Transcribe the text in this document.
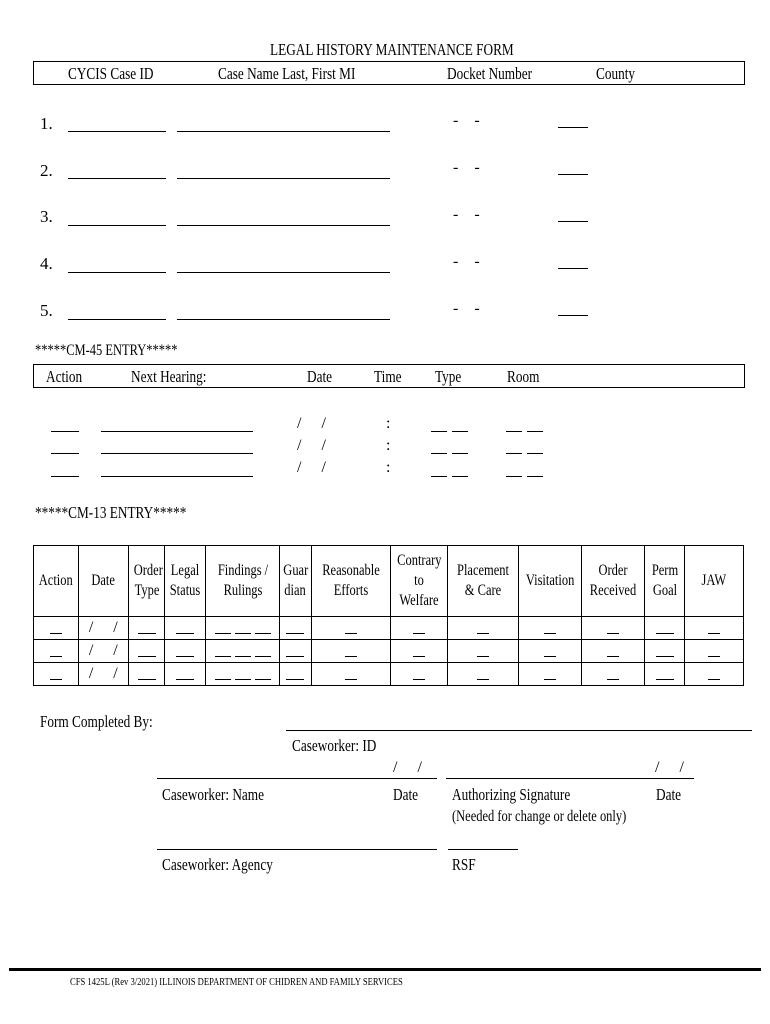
LEGAL HISTORY MAINTENANCE FORM
CYCIS Case ID	Case Name Last, First MI	Docket Number	County
1.	-    -
2.	-    -
3.	-    -
4.	-    -
5.	-    -
*****CM-45 ENTRY*****
Action	Next Hearing:	Date	Time	Type	Room
/     /	:
/     /	:
/     /	:
*****CM-13 ENTRY*****
Action	Date	Order Type	Legal Status	Findings / Rulings	Guar dian	Reasonable Efforts	Contrary to Welfare	Placement & Care	Visitation	Order Received	Perm Goal	JAW
	/     /											
	/     /											
	/     /											
Form Completed By:
Caseworker: ID
/     /
Caseworker: Name	Date
/     /
Authorizing Signature	Date
(Needed for change or delete only)
Caseworker: Agency	RSF
CFS 1425L (Rev 3/2021) ILLINOIS DEPARTMENT OF CHIDREN AND FAMILY SERVICES
